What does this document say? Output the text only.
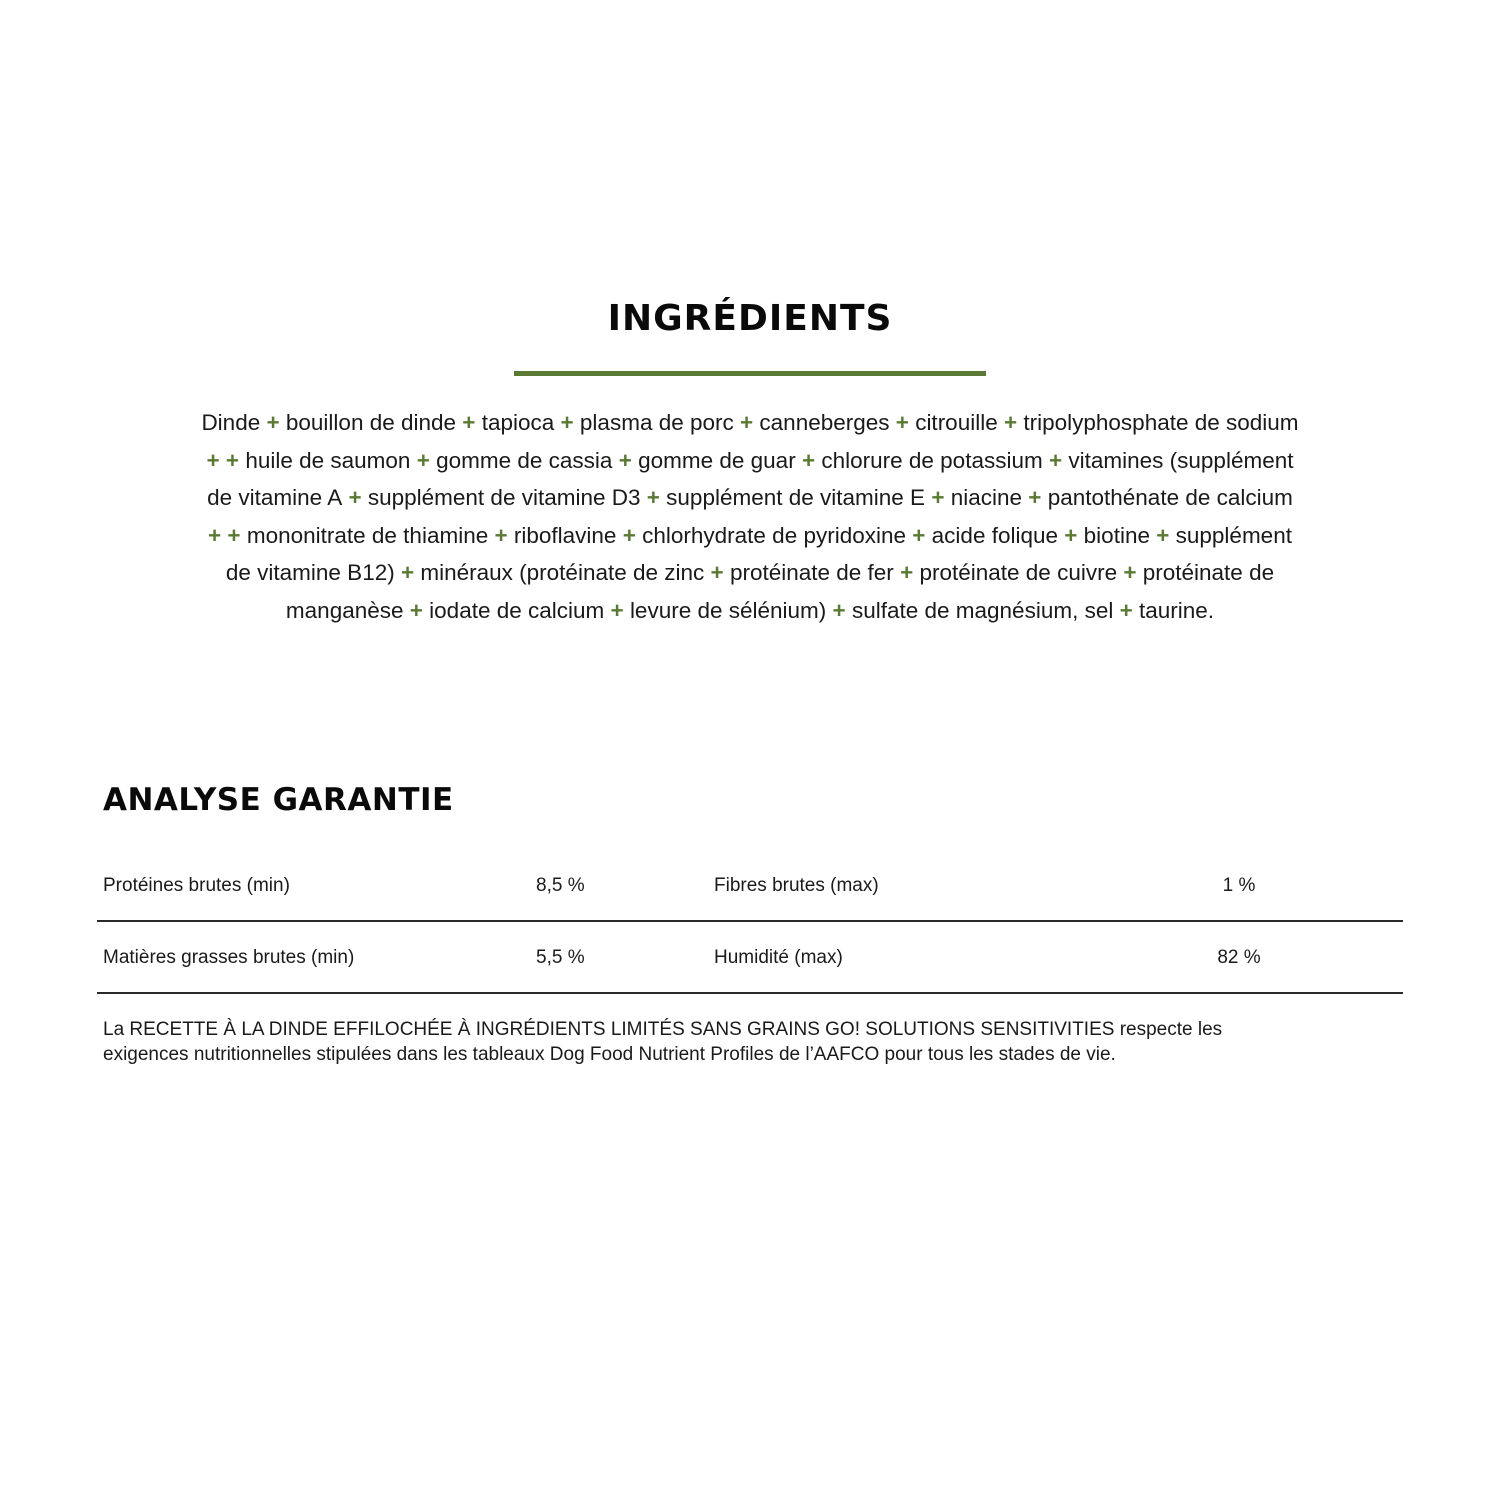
INGRÉDIENTS
Dinde + bouillon de dinde + tapioca + plasma de porc + canneberges + citrouille + tripolyphosphate de sodium
+ + huile de saumon + gomme de cassia + gomme de guar + chlorure de potassium + vitamines (supplément
de vitamine A + supplément de vitamine D3 + supplément de vitamine E + niacine + pantothénate de calcium
+ + mononitrate de thiamine + riboflavine + chlorhydrate de pyridoxine + acide folique + biotine + supplément
de vitamine B12) + minéraux (protéinate de zinc + protéinate de fer + protéinate de cuivre + protéinate de
manganèse + iodate de calcium + levure de sélénium) + sulfate de magnésium, sel + taurine.
ANALYSE GARANTIE
Protéines brutes (min)	8,5 %	Fibres brutes (max)	1 %
Matières grasses brutes (min)	5,5 %	Humidité (max)	82 %
La RECETTE À LA DINDE EFFILOCHÉE À INGRÉDIENTS LIMITÉS SANS GRAINS GO! SOLUTIONS SENSITIVITIES respecte les
exigences nutritionnelles stipulées dans les tableaux Dog Food Nutrient Profiles de l’AAFCO pour tous les stades de vie.
